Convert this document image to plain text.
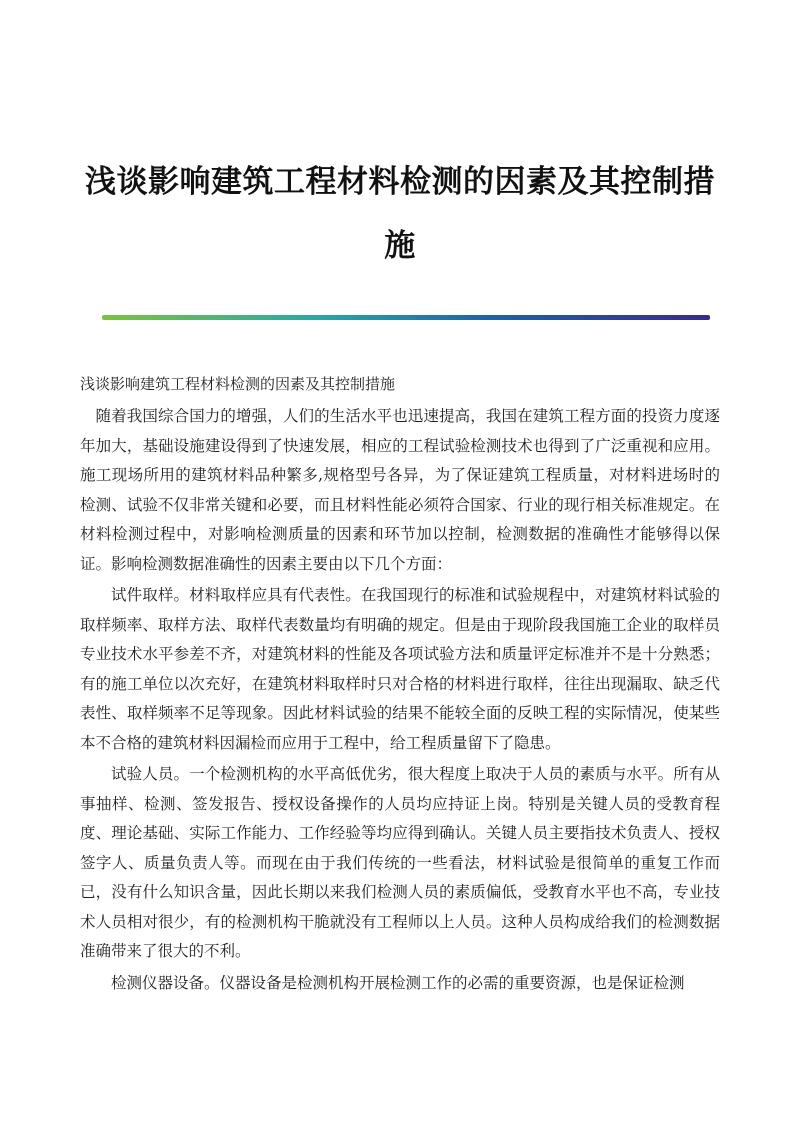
浅谈影响建筑工程材料检测的因素及其控制措施

浅谈影响建筑工程材料检测的因素及其控制措施

随着我国综合国力的增强，人们的生活水平也迅速提高，我国在建筑工程方面的投资力度逐年加大，基础设施建设得到了快速发展，相应的工程试验检测技术也得到了广泛重视和应用。施工现场所用的建筑材料品种繁多,规格型号各异，为了保证建筑工程质量，对材料进场时的检测、试验不仅非常关键和必要，而且材料性能必须符合国家、行业的现行相关标准规定。在材料检测过程中，对影响检测质量的因素和环节加以控制，检测数据的准确性才能够得以保证。影响检测数据准确性的因素主要由以下几个方面：

试件取样。材料取样应具有代表性。在我国现行的标准和试验规程中，对建筑材料试验的取样频率、取样方法、取样代表数量均有明确的规定。但是由于现阶段我国施工企业的取样员专业技术水平参差不齐，对建筑材料的性能及各项试验方法和质量评定标准并不是十分熟悉；有的施工单位以次充好，在建筑材料取样时只对合格的材料进行取样，往往出现漏取、缺乏代表性、取样频率不足等现象。因此材料试验的结果不能较全面的反映工程的实际情况，使某些本不合格的建筑材料因漏检而应用于工程中，给工程质量留下了隐患。

试验人员。一个检测机构的水平高低优劣，很大程度上取决于人员的素质与水平。所有从事抽样、检测、签发报告、授权设备操作的人员均应持证上岗。特别是关键人员的受教育程度、理论基础、实际工作能力、工作经验等均应得到确认。关键人员主要指技术负责人、授权签字人、质量负责人等。而现在由于我们传统的一些看法，材料试验是很简单的重复工作而已，没有什么知识含量，因此长期以来我们检测人员的素质偏低，受教育水平也不高，专业技术人员相对很少，有的检测机构干脆就没有工程师以上人员。这种人员构成给我们的检测数据准确带来了很大的不利。

检测仪器设备。仪器设备是检测机构开展检测工作的必需的重要资源，也是保证检测
